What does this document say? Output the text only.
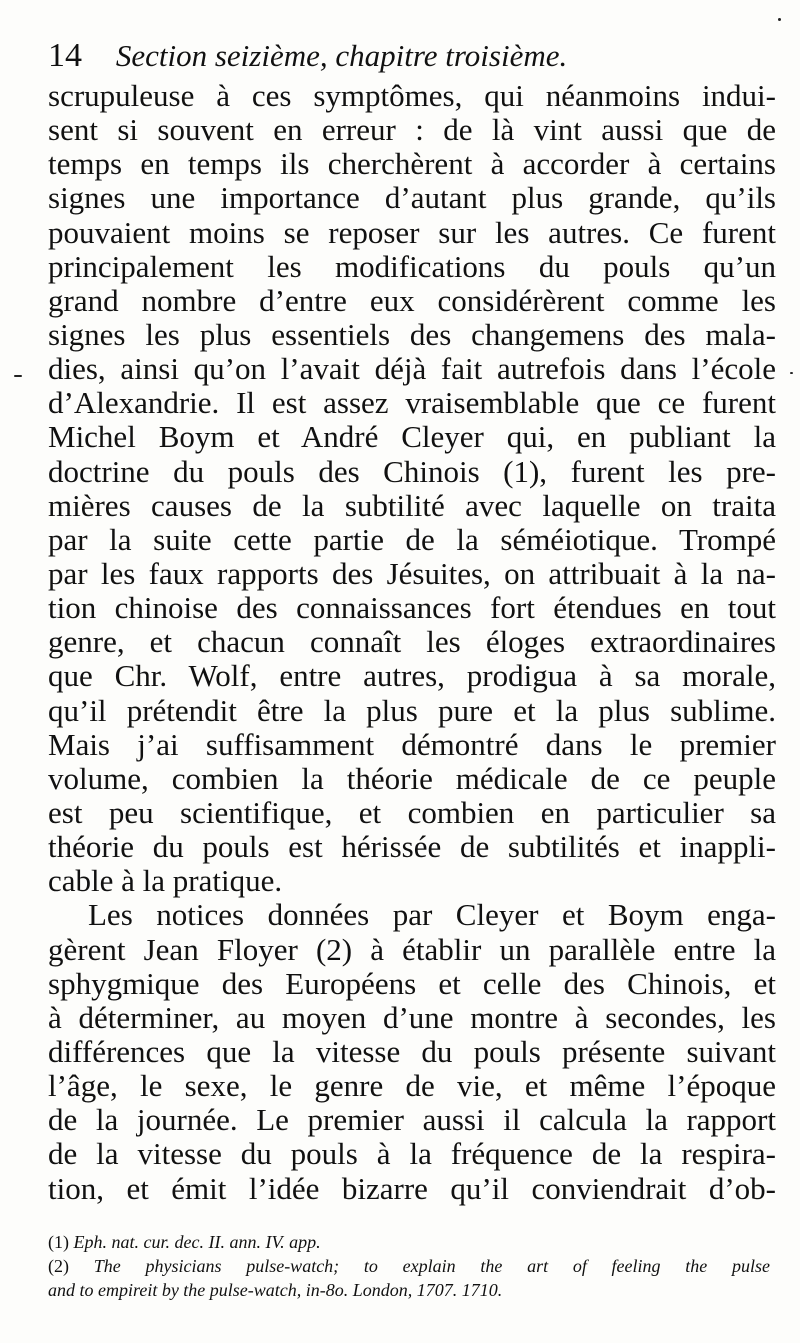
14 Section seizième, chapitre troisième.
scrupuleuse à ces symptômes, qui néanmoins indui-
sent si souvent en erreur : de là vint aussi que de
temps en temps ils cherchèrent à accorder à certains
signes une importance d’autant plus grande, qu’ils
pouvaient moins se reposer sur les autres. Ce furent
principalement les modifications du pouls qu’un
grand nombre d’entre eux considérèrent comme les
signes les plus essentiels des changemens des mala-
dies, ainsi qu’on l’avait déjà fait autrefois dans l’école
d’Alexandrie. Il est assez vraisemblable que ce furent
Michel Boym et André Cleyer qui, en publiant la
doctrine du pouls des Chinois (1), furent les pre-
mières causes de la subtilité avec laquelle on traita
par la suite cette partie de la séméiotique. Trompé
par les faux rapports des Jésuites, on attribuait à la na-
tion chinoise des connaissances fort étendues en tout
genre, et chacun connaît les éloges extraordinaires
que Chr. Wolf, entre autres, prodigua à sa morale,
qu’il prétendit être la plus pure et la plus sublime.
Mais j’ai suffisamment démontré dans le premier
volume, combien la théorie médicale de ce peuple
est peu scientifique, et combien en particulier sa
théorie du pouls est hérissée de subtilités et inappli-
cable à la pratique.
Les notices données par Cleyer et Boym enga-
gèrent Jean Floyer (2) à établir un parallèle entre la
sphygmique des Européens et celle des Chinois, et
à déterminer, au moyen d’une montre à secondes, les
différences que la vitesse du pouls présente suivant
l’âge, le sexe, le genre de vie, et même l’époque
de la journée. Le premier aussi il calcula la rapport
de la vitesse du pouls à la fréquence de la respira-
tion, et émit l’idée bizarre qu’il conviendrait d’ob-
(1) Eph. nat. cur. dec. II. ann. IV. app.
(2) The physicians pulse-watch; to explain the art of feeling the pulse
and to empireit by the pulse-watch, in-8o. London, 1707. 1710.
